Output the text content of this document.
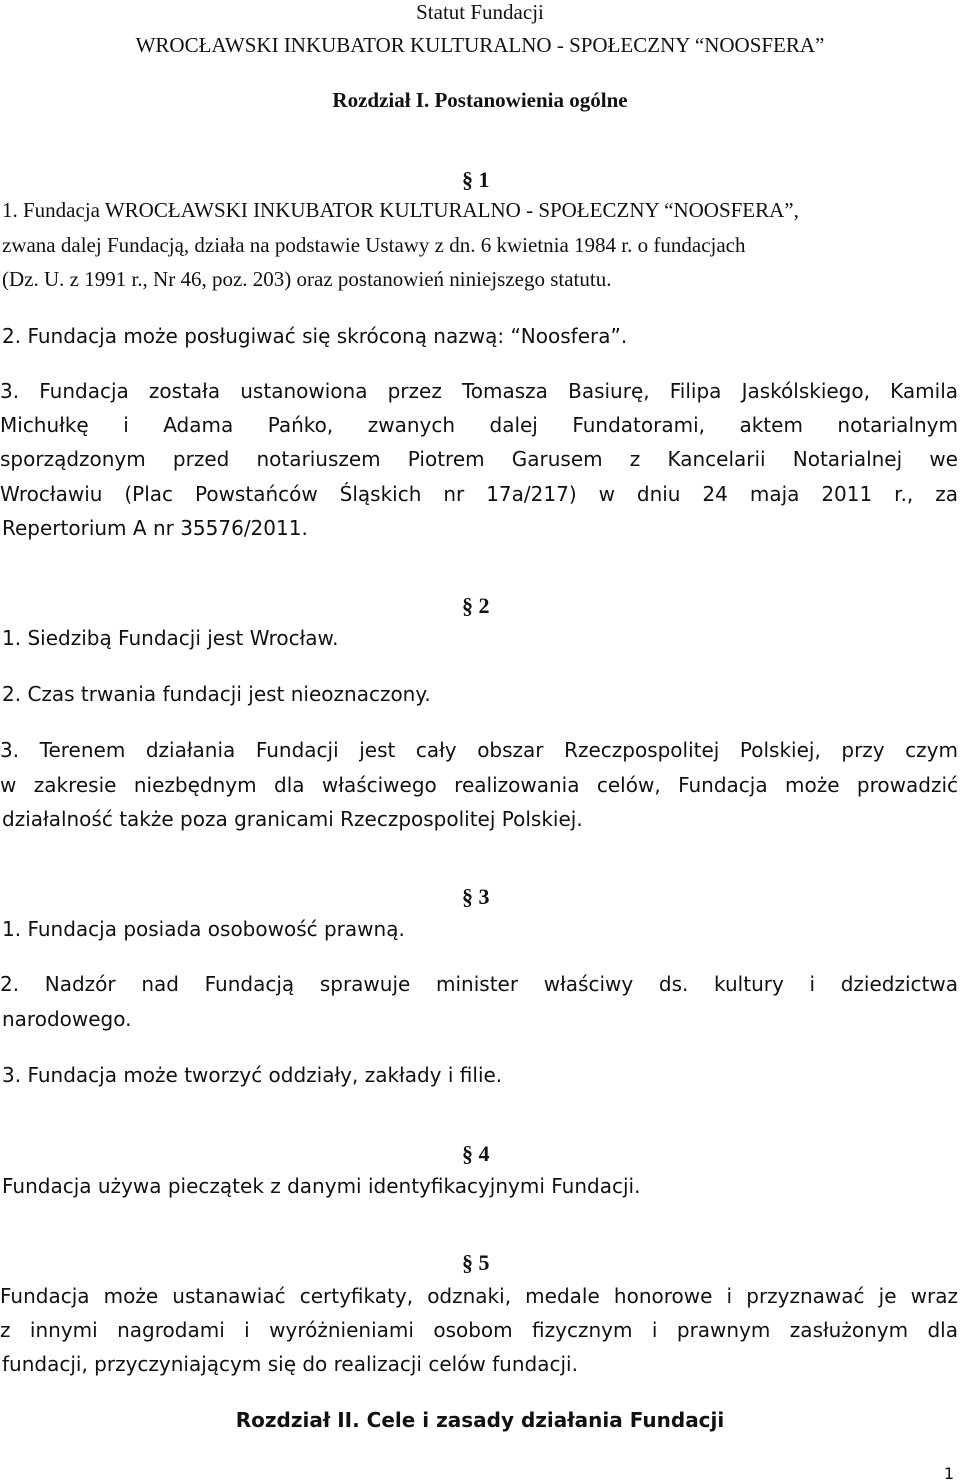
Statut Fundacji

WROCŁAWSKI INKUBATOR KULTURALNO - SPOŁECZNY “NOOSFERA”

Rozdział I. Postanowienia ogólne

§ 1

1. Fundacja WROCŁAWSKI INKUBATOR KULTURALNO - SPOŁECZNY “NOOSFERA”,

zwana dalej Fundacją, działa na podstawie Ustawy z dn. 6 kwietnia 1984 r. o fundacjach

(Dz. U. z 1991 r., Nr 46, poz. 203) oraz postanowień niniejszego statutu.

2. Fundacja może posługiwać się skróconą nazwą: “Noosfera”.

3. Fundacja została ustanowiona przez Tomasza Basiurę, Filipa Jaskólskiego, Kamila
Michułkę i Adama Pańko, zwanych dalej Fundatorami, aktem notarialnym
sporządzonym przed notariuszem Piotrem Garusem z Kancelarii Notarialnej we
Wrocławiu (Plac Powstańców Śląskich nr 17a/217) w dniu 24 maja 2011 r., za

Repertorium A nr 35576/2011.

§ 2

1. Siedzibą Fundacji jest Wrocław.

2. Czas trwania fundacji jest nieoznaczony.

3. Terenem działania Fundacji jest cały obszar Rzeczpospolitej Polskiej, przy czym
w zakresie niezbędnym dla właściwego realizowania celów, Fundacja może prowadzić

działalność także poza granicami Rzeczpospolitej Polskiej.

§ 3

1. Fundacja posiada osobowość prawną.

2. Nadzór nad Fundacją sprawuje minister właściwy ds. kultury i dziedzictwa

narodowego.

3. Fundacja może tworzyć oddziały, zakłady i filie.

§ 4

Fundacja używa pieczątek z danymi identyfikacyjnymi Fundacji.

§ 5

Fundacja może ustanawiać certyfikaty, odznaki, medale honorowe i przyznawać je wraz
z innymi nagrodami i wyróżnieniami osobom fizycznym i prawnym zasłużonym dla

fundacji, przyczyniającym się do realizacji celów fundacji.

Rozdział II. Cele i zasady działania Fundacji

1
